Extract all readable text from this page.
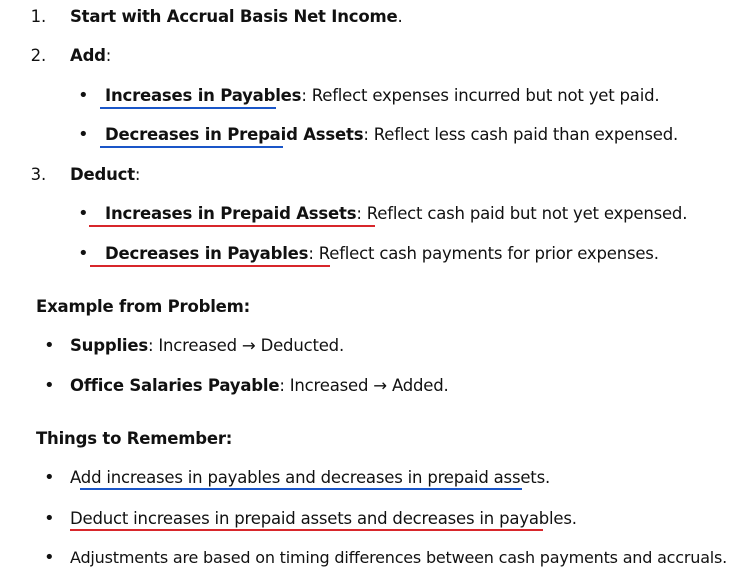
1. Start with Accrual Basis Net Income.
2. Add:
• Increases in Payables: Reflect expenses incurred but not yet paid.
• Decreases in Prepaid Assets: Reflect less cash paid than expensed.
3. Deduct:
• Increases in Prepaid Assets: Reflect cash paid but not yet expensed.
• Decreases in Payables: Reflect cash payments for prior expenses.
Example from Problem:
• Supplies: Increased → Deducted.
• Office Salaries Payable: Increased → Added.
Things to Remember:
• Add increases in payables and decreases in prepaid assets.
• Deduct increases in prepaid assets and decreases in payables.
• Adjustments are based on timing differences between cash payments and accruals.
